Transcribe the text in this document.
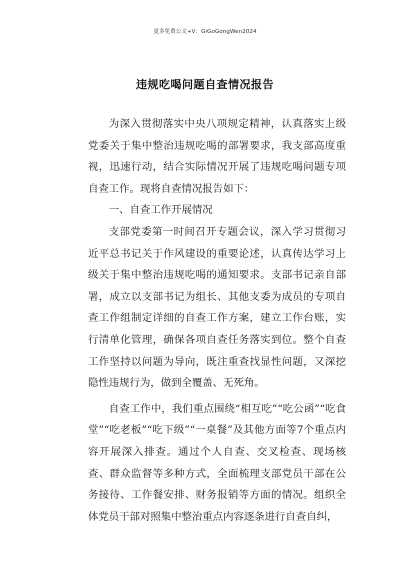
更多免费公文+V：GiGoGongWen2024
违规吃喝问题自查情况报告

为深入贯彻落实中央八项规定精神，认真落实上级党委关于集中整治违规吃喝的部署要求，我支部高度重视，迅速行动，结合实际情况开展了违规吃喝问题专项自查工作。现将自查情况报告如下：

一、自查工作开展情况

支部党委第一时间召开专题会议，深入学习贯彻习近平总书记关于作风建设的重要论述，认真传达学习上级关于集中整治违规吃喝的通知要求。支部书记亲自部署，成立以支部书记为组长、其他支委为成员的专项自查工作组制定详细的自查工作方案，建立工作台账，实行清单化管理，确保各项自查任务落实到位。整个自查工作坚持以问题为导向，既注重查找显性问题，又深挖隐性违规行为，做到全覆盖、无死角。

自查工作中，我们重点围绕“相互吃”“吃公函”“吃食堂”“吃老板”“吃下级”“一桌餐”及其他方面等7个重点内容开展深入排查。通过个人自查、交叉检查、现场核查、群众监督等多种方式，全面梳理支部党员干部在公务接待、工作餐安排、财务报销等方面的情况。组织全体党员干部对照集中整治重点内容逐条进行自查自纠，
